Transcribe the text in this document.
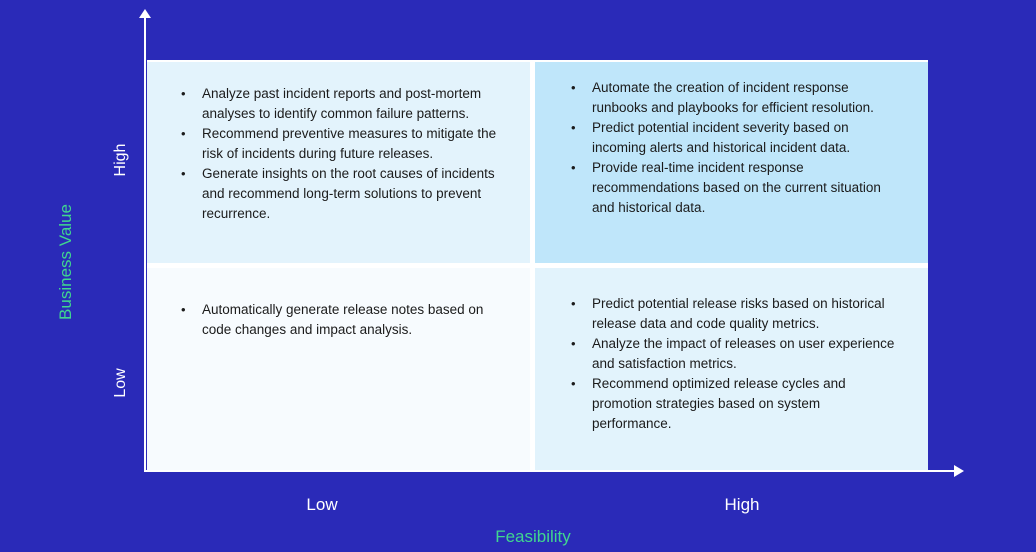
• Analyze past incident reports and post-mortem analyses to identify common failure patterns.
• Recommend preventive measures to mitigate the risk of incidents during future releases.
• Generate insights on the root causes of incidents and recommend long-term solutions to prevent recurrence.
• Automate the creation of incident response runbooks and playbooks for efficient resolution.
• Predict potential incident severity based on incoming alerts and historical incident data.
• Provide real-time incident response recommendations based on the current situation and historical data.
• Automatically generate release notes based on code changes and impact analysis.
• Predict potential release risks based on historical release data and code quality metrics.
• Analyze the impact of releases on user experience and satisfaction metrics.
• Recommend optimized release cycles and promotion strategies based on system performance.
Business Value
High
Low
Low	High
Feasibility
